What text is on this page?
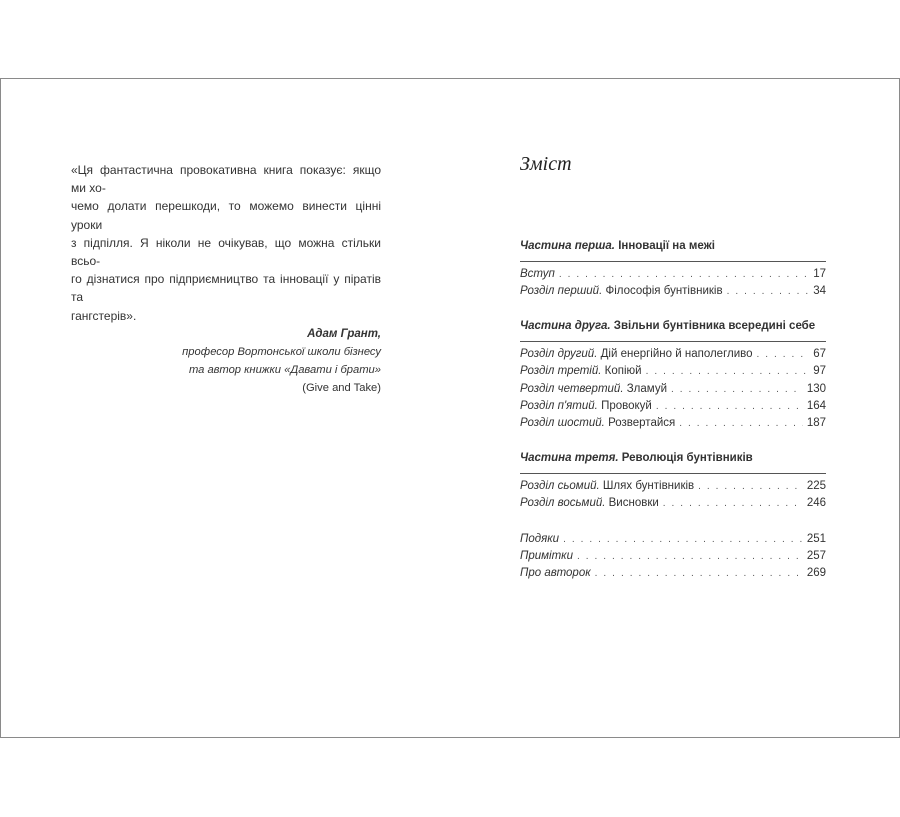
«Ця фантастична провокативна книга показує: якщо ми хо-
чемо долати перешкоди, то можемо винести цінні уроки
з підпілля. Я ніколи не очікував, що можна стільки всьо-
го дізнатися про підприємництво та інновації у піратів та
гангстерів».

Адам Грант,
професор Вортонської школи бізнесу
та автор книжки «Давати і брати»
(Give and Take)
Зміст
Частина перша. Інновації на межі
Вступ . . .	17
Розділ перший. Філософія бунтівників . . .	34
Частина друга. Звільни бунтівника всередині себе
Розділ другий. Дій енергійно й наполегливо . . .	67
Розділ третій. Копіюй . . .	97
Розділ четвертий. Зламуй . . .	130
Розділ п'ятий. Провокуй . . .	164
Розділ шостий. Розвертайся . . .	187
Частина третя. Революція бунтівників
Розділ сьомий. Шлях бунтівників . . .	225
Розділ восьмий. Висновки . . .	246
Подяки . . .	251
Примітки . . .	257
Про авторок . . .	269
